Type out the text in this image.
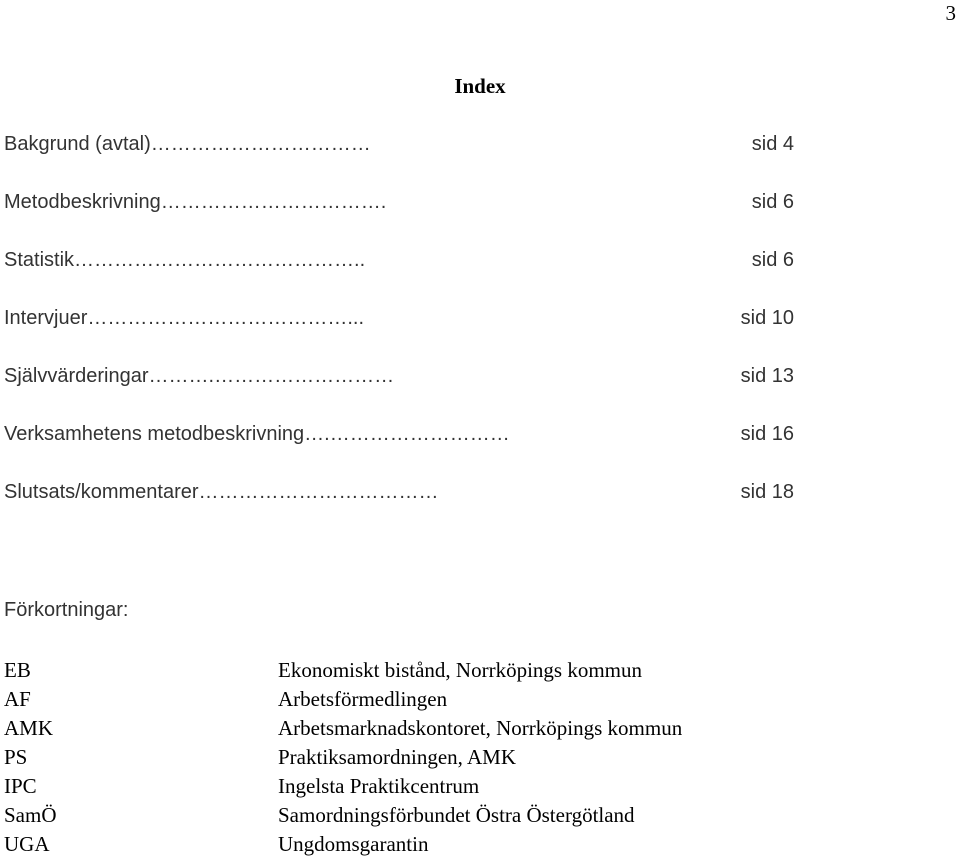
3
Index
Bakgrund (avtal) ……………………………	sid 4
Metodbeskrivning …………………………….	sid 6
Statistik ……………………………………..	sid 6
Intervjuer …………………………………...	sid 10
Självvärderingar ……….………………………	sid 13
Verksamhetens metodbeskrivning ….………………………	sid 16
Slutsats/kommentarer ………………………………	sid 18
Förkortningar:
EB	Ekonomiskt bistånd, Norrköpings kommun
AF	Arbetsförmedlingen
AMK	Arbetsmarknadskontoret, Norrköpings kommun
PS	Praktiksamordningen, AMK
IPC	Ingelsta Praktikcentrum
SamÖ	Samordningsförbundet Östra Östergötland
UGA	Ungdomsgarantin
